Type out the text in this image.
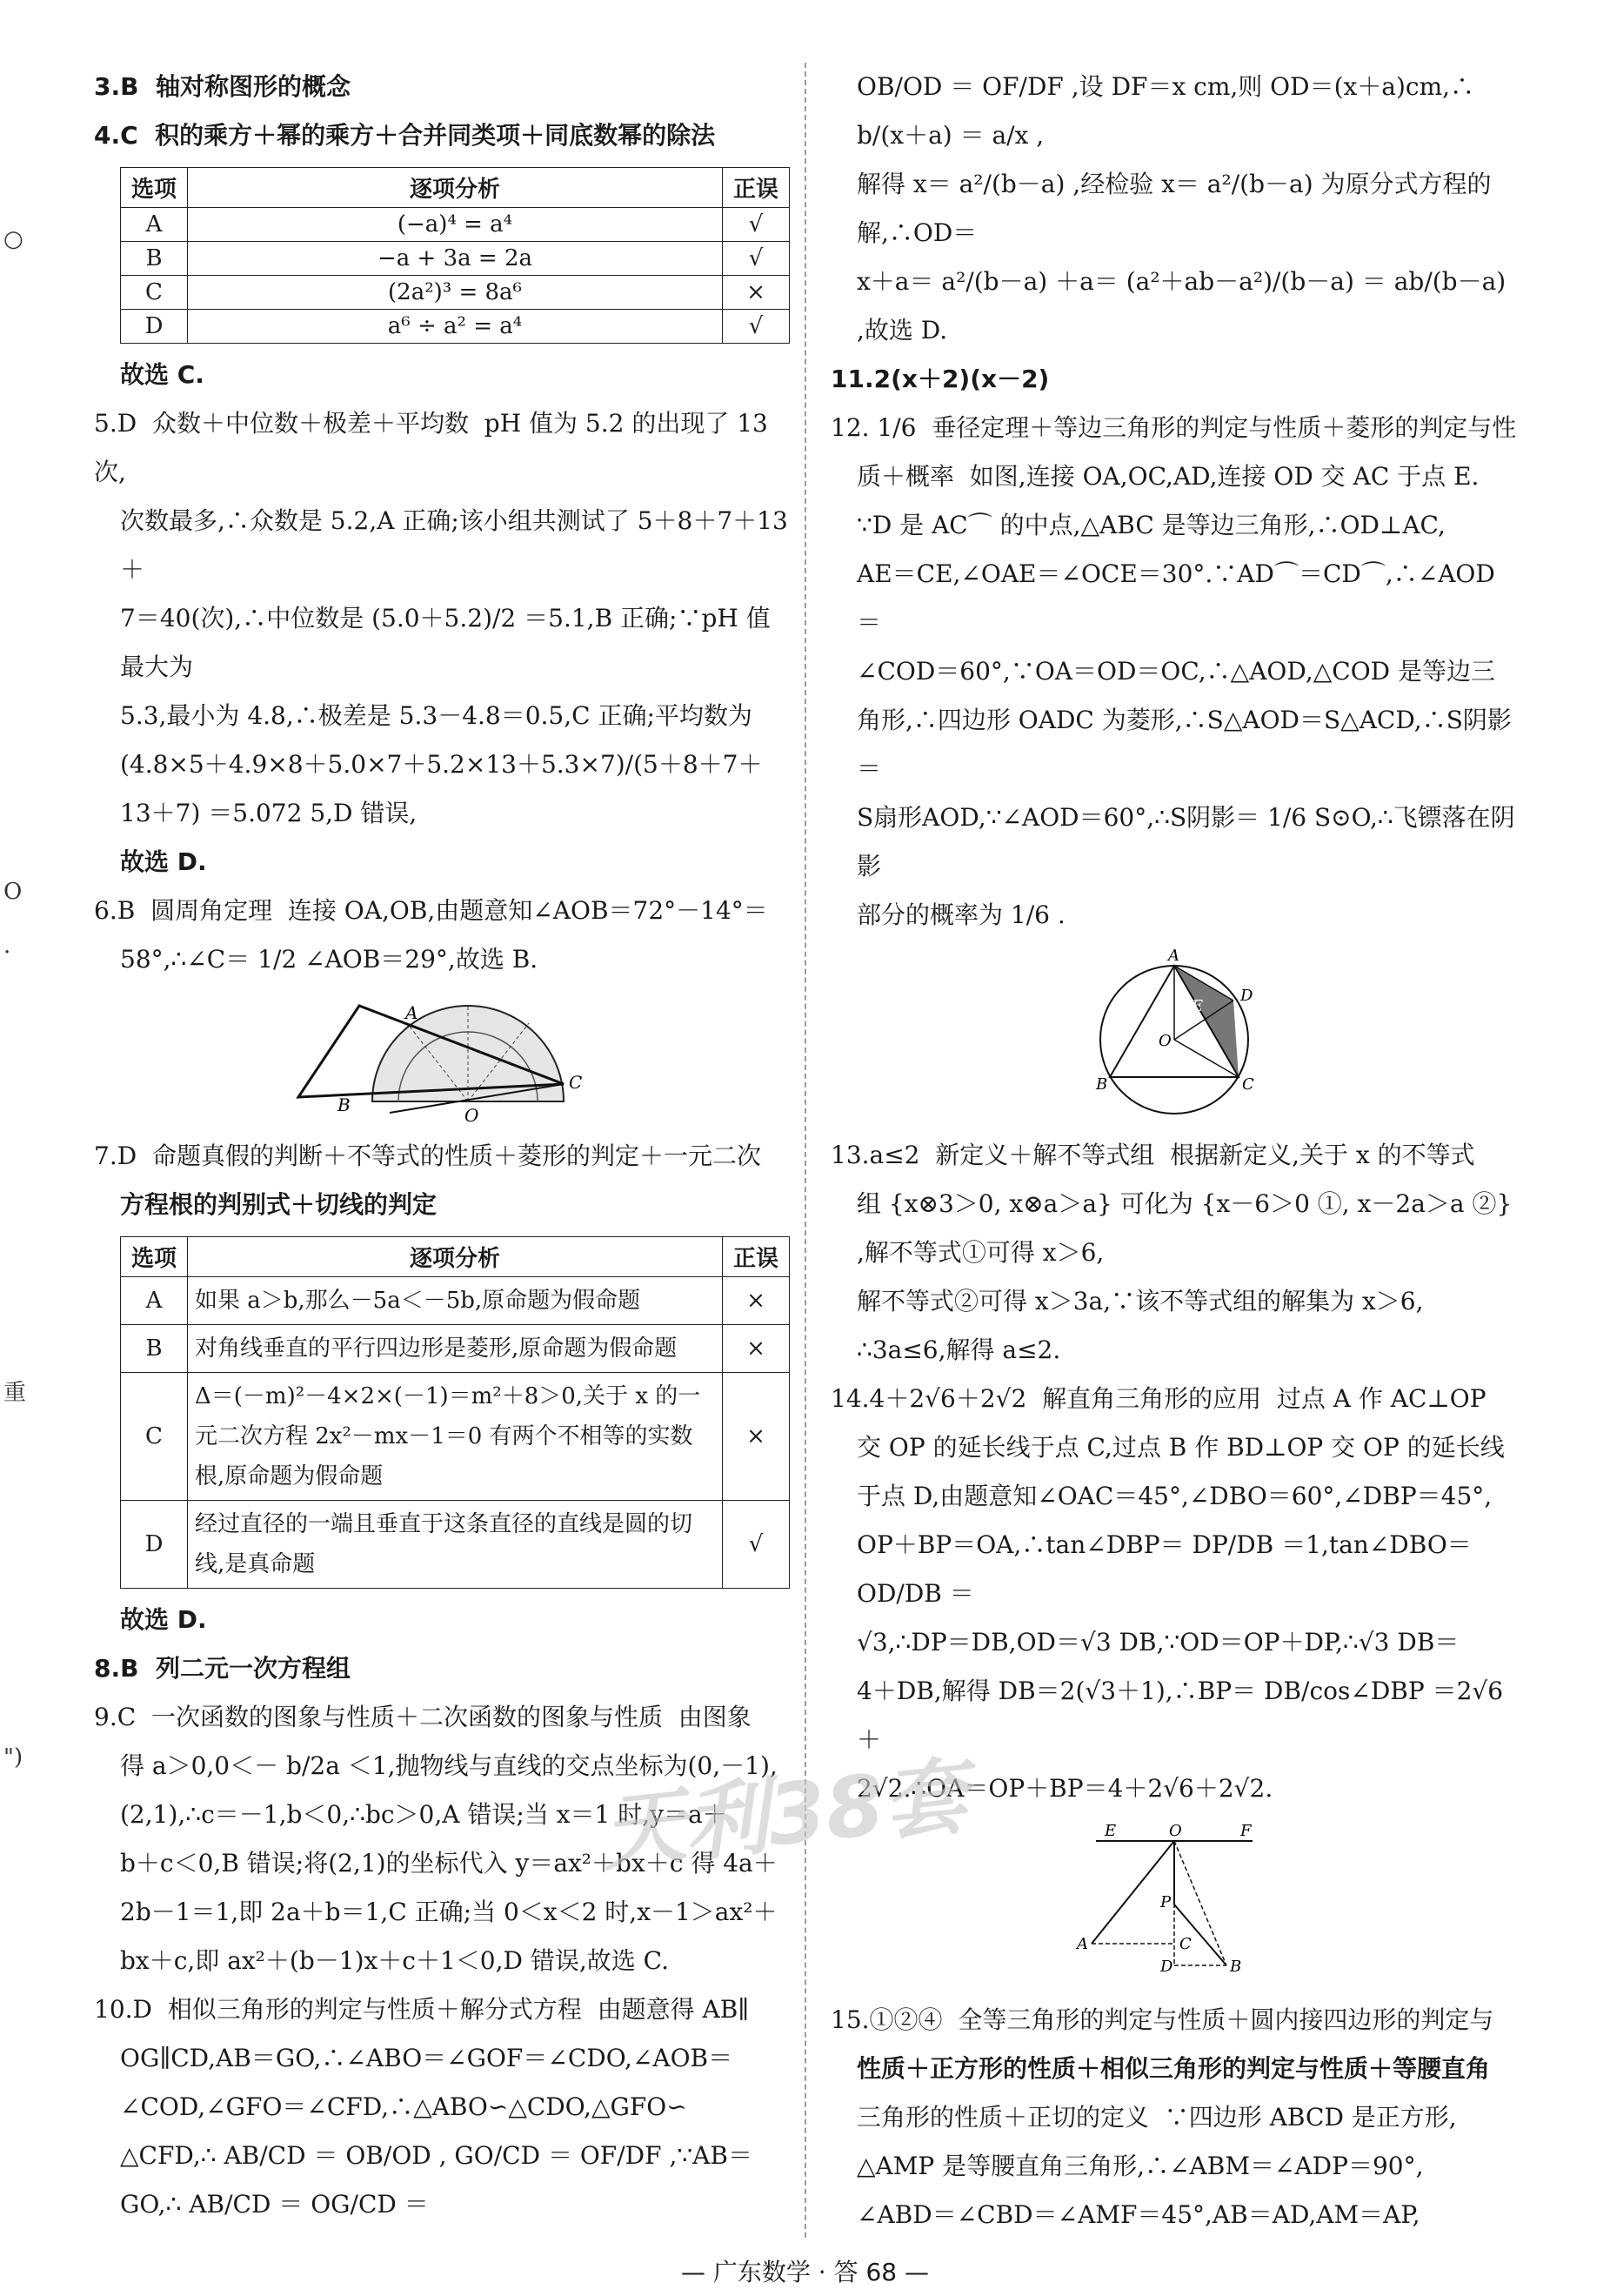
○
O
·
重
")

3.B  轴对称图形的概念

4.C  积的乘方＋幂的乘方＋合并同类项＋同底数幂的除法

选项	逐项分析	正误
A	(−a)⁴ = a⁴	√
B	−a + 3a = 2a	√
C	(2a²)³ = 8a⁶	×
D	a⁶ ÷ a² = a⁴	√

故选 C.

5.D  众数＋中位数＋极差＋平均数  pH 值为 5.2 的出现了 13 次,

次数最多,∴众数是 5.2,A 正确;该小组共测试了 5＋8＋7＋13＋

7＝40(次),∴中位数是 (5.0＋5.2)/2 ＝5.1,B 正确;∵pH 值最大为

5.3,最小为 4.8,∴极差是 5.3－4.8＝0.5,C 正确;平均数为

(4.8×5＋4.9×8＋5.0×7＋5.2×13＋5.3×7)/(5＋8＋7＋13＋7) ＝5.072 5,D 错误,

故选 D.

6.B  圆周角定理  连接 OA,OB,由题意知∠AOB＝72°－14°＝

58°,∴∠C＝ 1/2 ∠AOB＝29°,故选 B.

A
B	O
C

7.D  命题真假的判断＋不等式的性质＋菱形的判定＋一元二次

方程根的判别式＋切线的判定

选项	逐项分析	正误
A	如果 a＞b,那么－5a＜－5b,原命题为假命题	×
B	对角线垂直的平行四边形是菱形,原命题为假命题	×
C	Δ＝(－m)²－4×2×(－1)＝m²＋8＞0,关于 x 的一元二次方程 2x²－mx－1＝0 有两个不相等的实数根,原命题为假命题	×
D	经过直径的一端且垂直于这条直径的直线是圆的切线,是真命题	√

故选 D.

8.B  列二元一次方程组

9.C  一次函数的图象与性质＋二次函数的图象与性质  由图象

得 a＞0,0＜－ b/2a ＜1,抛物线与直线的交点坐标为(0,－1),

(2,1),∴c＝－1,b＜0,∴bc＞0,A 错误;当 x＝1 时,y＝a＋

b＋c＜0,B 错误;将(2,1)的坐标代入 y＝ax²＋bx＋c 得 4a＋

2b－1＝1,即 2a＋b＝1,C 正确;当 0＜x＜2 时,x－1＞ax²＋

bx＋c,即 ax²＋(b－1)x＋c＋1＜0,D 错误,故选 C.

10.D  相似三角形的判定与性质＋解分式方程  由题意得 AB∥

OG∥CD,AB＝GO,∴∠ABO＝∠GOF＝∠CDO,∠AOB＝

∠COD,∠GFO＝∠CFD,∴△ABO∽△CDO,△GFO∽

△CFD,∴ AB/CD ＝ OB/OD , GO/CD ＝ OF/DF ,∵AB＝GO,∴ AB/CD ＝ OG/CD ＝

OB/OD ＝ OF/DF ,设 DF＝x cm,则 OD＝(x＋a)cm,∴ b/(x＋a) ＝ a/x ,

解得 x＝ a²/(b－a) ,经检验 x＝ a²/(b－a) 为原分式方程的解,∴OD＝

x＋a＝ a²/(b－a) ＋a＝ (a²＋ab－a²)/(b－a) ＝ ab/(b－a) ,故选 D.

11.2(x＋2)(x－2)

12. 1/6  垂径定理＋等边三角形的判定与性质＋菱形的判定与性

质＋概率  如图,连接 OA,OC,AD,连接 OD 交 AC 于点 E.

∵D 是 AC⌒ 的中点,△ABC 是等边三角形,∴OD⊥AC,

AE＝CE,∠OAE＝∠OCE＝30°.∵AD⌒＝CD⌒,∴∠AOD＝

∠COD＝60°,∵OA＝OD＝OC,∴△AOD,△COD 是等边三

角形,∴四边形 OADC 为菱形,∴S△AOD＝S△ACD,∴S阴影＝

S扇形AOD,∵∠AOD＝60°,∴S阴影＝ 1/6 S⊙O,∴飞镖落在阴影

部分的概率为 1/6 .

A
D
E
O
B	C

13.a≤2  新定义＋解不等式组  根据新定义,关于 x 的不等式

组 {x⊗3＞0, x⊗a＞a} 可化为 {x－6＞0 ①, x－2a＞a ②} ,解不等式①可得 x＞6,

解不等式②可得 x＞3a,∵该不等式组的解集为 x＞6,

∴3a≤6,解得 a≤2.

14.4＋2√6＋2√2  解直角三角形的应用  过点 A 作 AC⊥OP

交 OP 的延长线于点 C,过点 B 作 BD⊥OP 交 OP 的延长线

于点 D,由题意知∠OAC＝45°,∠DBO＝60°,∠DBP＝45°,

OP＋BP＝OA,∴tan∠DBP＝ DP/DB ＝1,tan∠DBO＝ OD/DB ＝

√3,∴DP＝DB,OD＝√3 DB,∵OD＝OP＋DP,∴√3 DB＝

4＋DB,解得 DB＝2(√3＋1),∴BP＝ DB/cos∠DBP ＝2√6＋

2√2.∴OA＝OP＋BP＝4＋2√6＋2√2.

E	O	F
P
A	C
D	B

15.①②④  全等三角形的判定与性质＋圆内接四边形的判定与

性质＋正方形的性质＋相似三角形的判定与性质＋等腰直角

三角形的性质＋正切的定义  ∵四边形 ABCD 是正方形,

△AMP 是等腰直角三角形,∴∠ABM＝∠ADP＝90°,

∠ABD＝∠CBD＝∠AMF＝45°,AB＝AD,AM＝AP,

天利38套
— 广东数学 · 答 68 —
